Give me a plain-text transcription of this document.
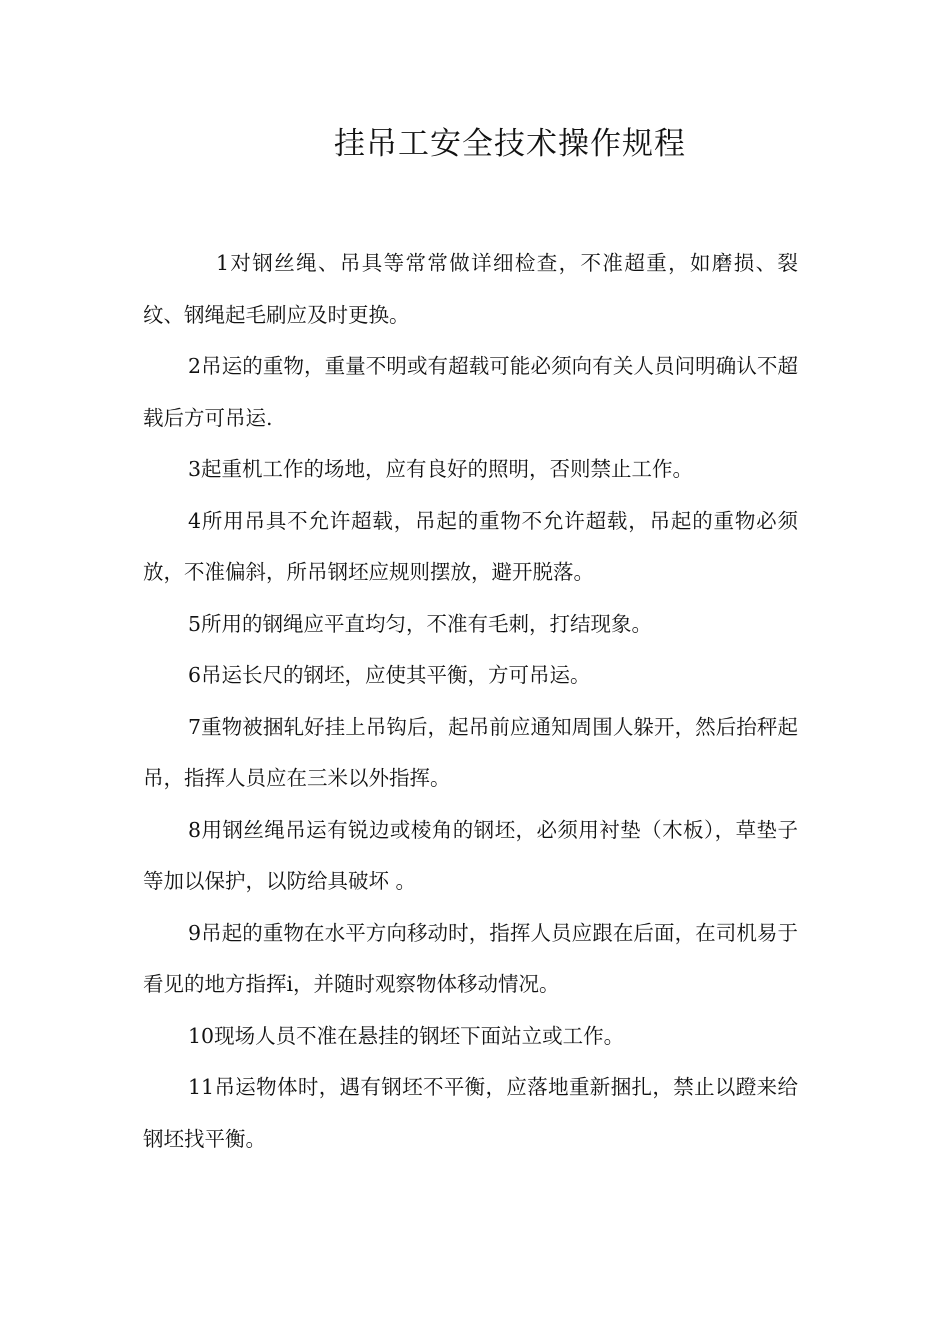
挂吊工安全技术操作规程

1对钢丝绳、吊具等常常做详细检查，不准超重，如磨损、裂纹、钢绳起毛刷应及时更换。

2吊运的重物，重量不明或有超载可能必须向有关人员问明确认不超载后方可吊运.

3起重机工作的场地，应有良好的照明，否则禁止工作。

4所用吊具不允许超载，吊起的重物不允许超载，吊起的重物必须放，不准偏斜，所吊钢坯应规则摆放，避开脱落。

5所用的钢绳应平直均匀，不准有毛刺，打结现象。

6吊运长尺的钢坯，应使其平衡，方可吊运。

7重物被捆轧好挂上吊钩后，起吊前应通知周围人躲开，然后抬秤起吊，指挥人员应在三米以外指挥。

8用钢丝绳吊运有锐边或棱角的钢坯，必须用衬垫（木板），草垫子等加以保护，以防给具破坏 。

9吊起的重物在水平方向移动时，指挥人员应跟在后面，在司机易于看见的地方指挥i，并随时观察物体移动情况。

10现场人员不准在悬挂的钢坯下面站立或工作。

11吊运物体时，遇有钢坯不平衡，应落地重新捆扎，禁止以蹬来给钢坯找平衡。
